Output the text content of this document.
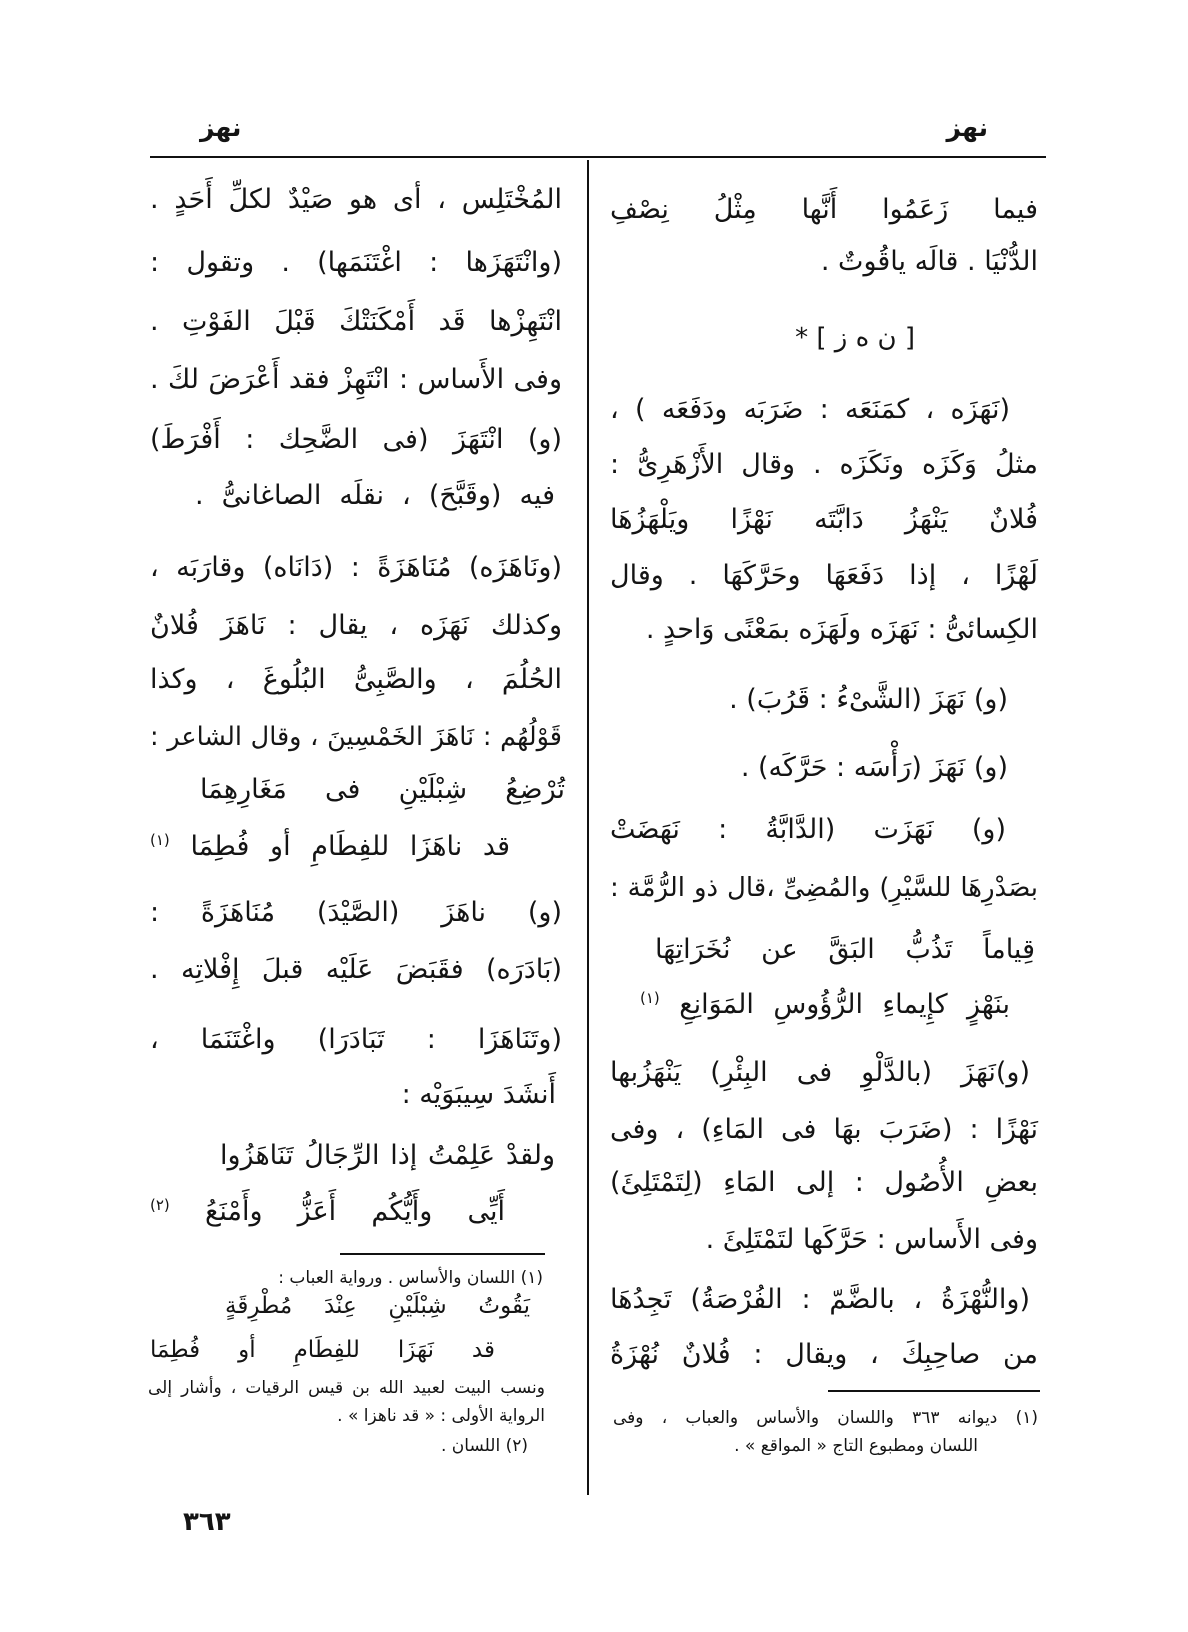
نهز	نهز
فيما زَعَمُوا أَنَّها مِثْلُ نِصْفِ
الدُّنْيَا . قالَه ياقُوتٌ .
[ ن ه ز ] *
(نَهَزَه ، كمَنَعَه : ضَرَبَه ودَفَعَه ) ،
مثلُ وَكَزَه ونَكَزَه . وقال الأَزْهَرِىُّ :
فُلانٌ يَنْهَزُ دَابَّتَه نَهْزًا ويَلْهَزُهَا
لَهْزًا ، إذا دَفَعَهَا وحَرَّكَهَا . وقال
الكِسائىُّ : نَهَزَه ولَهَزَه بمَعْنًى وَاحدٍ .
(و) نَهَزَ (الشَّىْءُ : قَرُبَ) .
(و) نَهَزَ (رَأْسَه : حَرَّكَه) .
(و) نَهَزَت (الدَّابَّةُ : نَهَضَتْ
بصَدْرِهَا للسَّيْرِ) والمُضِىِّ ،قال ذو الرُّمَّة :
قِياماً تَذُبُّ البَقَّ عن نُخَرَاتِهَا
بنَهْزٍ كإِيماءِ الرُّؤُوسِ المَوَانِعِ $^{(١)}$
(و)نَهَزَ (بالدَّلْوِ فى البِئْرِ) يَنْهَزُبها
نَهْزًا : (ضَرَبَ بهَا فى المَاءِ) ، وفى
بعضِ الأُصُول : إلى المَاءِ (لِتَمْتَلِئَ)
وفى الأَساس : حَرَّكَها لتَمْتَلِئَ .
(والنُّهْزَةُ ، بالضَّمّ : الفُرْصَةُ) تَجِدُهَا
من صاحِبِكَ ، ويقال : فُلانٌ نُهْزَةُ
(١) ديوانه ٣٦٣ واللسان والأساس والعباب ، وفى
اللسان ومطبوع التاج « المواقع » .
المُخْتَلِس ، أى هو صَيْدٌ لكلِّ أَحَدٍ .
(وانْتَهَزَها : اغْتَنَمَها) . وتقول :
انْتَهِزْها قَد أَمْكَنَتْكَ قَبْلَ الفَوْتِ .
وفى الأَساس : انْتَهِزْ فقد أَعْرَضَ لكَ .
(و) انْتَهَزَ (فى الضَّحِك : أَفْرَطَ)
فيه (وقَبَّحَ) ، نقلَه الصاغانىُّ .
(ونَاهَزَه) مُنَاهَزَةً : (دَانَاه) وقارَبَه ،
وكذلك نَهَزَه ، يقال : نَاهَزَ فُلانٌ
الحُلُمَ ، والصَّبِىُّ البُلُوغَ ، وكذا
قَوْلُهُم : نَاهَزَ الخَمْسِينَ ، وقال الشاعر :
تُرْضِعُ شِبْلَيْنِ فى مَغَارِهِمَا
قد ناهَزَا للفِطَامِ أو فُطِمَا $^{(١)}$
(و) ناهَزَ (الصَّيْدَ) مُنَاهَزَةً :
(بَادَرَه) فقَبَضَ عَلَيْه قبلَ إِفْلاتِه .
(وتَنَاهَزَا : تَبَادَرَا) واغْتَنَمَا ،
أَنشَدَ سِيبَوَيْه :
ولقدْ عَلِمْتُ إذا الرِّجَالُ تَنَاهَزُوا
أَيِّى وأَيُّكُم أَعَزُّ وأَمْنَعُ $^{(٢)}$
(١) اللسان والأساس . ورواية العباب :
يَقُوتُ شِبْلَيْنِ عِنْدَ مُطْرِقَةٍ
قد نَهَزَا للفِطَامِ أو فُطِمَا
ونسب البيت لعبيد الله بن قيس الرقيات ، وأشار إلى
الرواية الأولى : « قد ناهزا » .
(٢) اللسان .
٣٦٣
